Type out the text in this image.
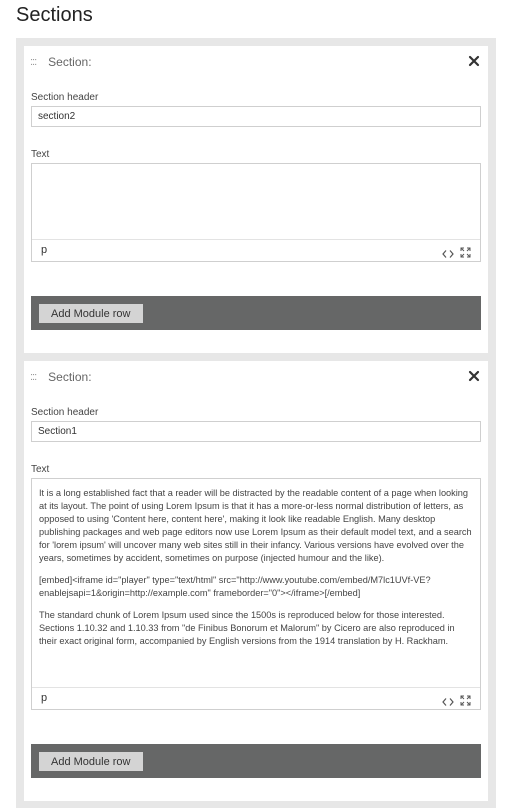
Sections
::: Section:
Section header
section2
Text
p
Add Module row
::: Section:
Section header
Section1
Text

It is a long established fact that a reader will be distracted by the readable content of a page when looking at its layout. The point of using Lorem Ipsum is that it has a more-or-less normal distribution of letters, as opposed to using 'Content here, content here', making it look like readable English. Many desktop publishing packages and web page editors now use Lorem Ipsum as their default model text, and a search for 'lorem ipsum' will uncover many web sites still in their infancy. Various versions have evolved over the years, sometimes by accident, sometimes on purpose (injected humour and the like).

[embed]<iframe id="player" type="text/html" src="http://www.youtube.com/embed/M7lc1UVf-VE?enablejsapi=1&origin=http://example.com" frameborder="0"></iframe>[/embed]

The standard chunk of Lorem Ipsum used since the 1500s is reproduced below for those interested. Sections 1.10.32 and 1.10.33 from "de Finibus Bonorum et Malorum" by Cicero are also reproduced in their exact original form, accompanied by English versions from the 1914 translation by H. Rackham.

p
Add Module row
